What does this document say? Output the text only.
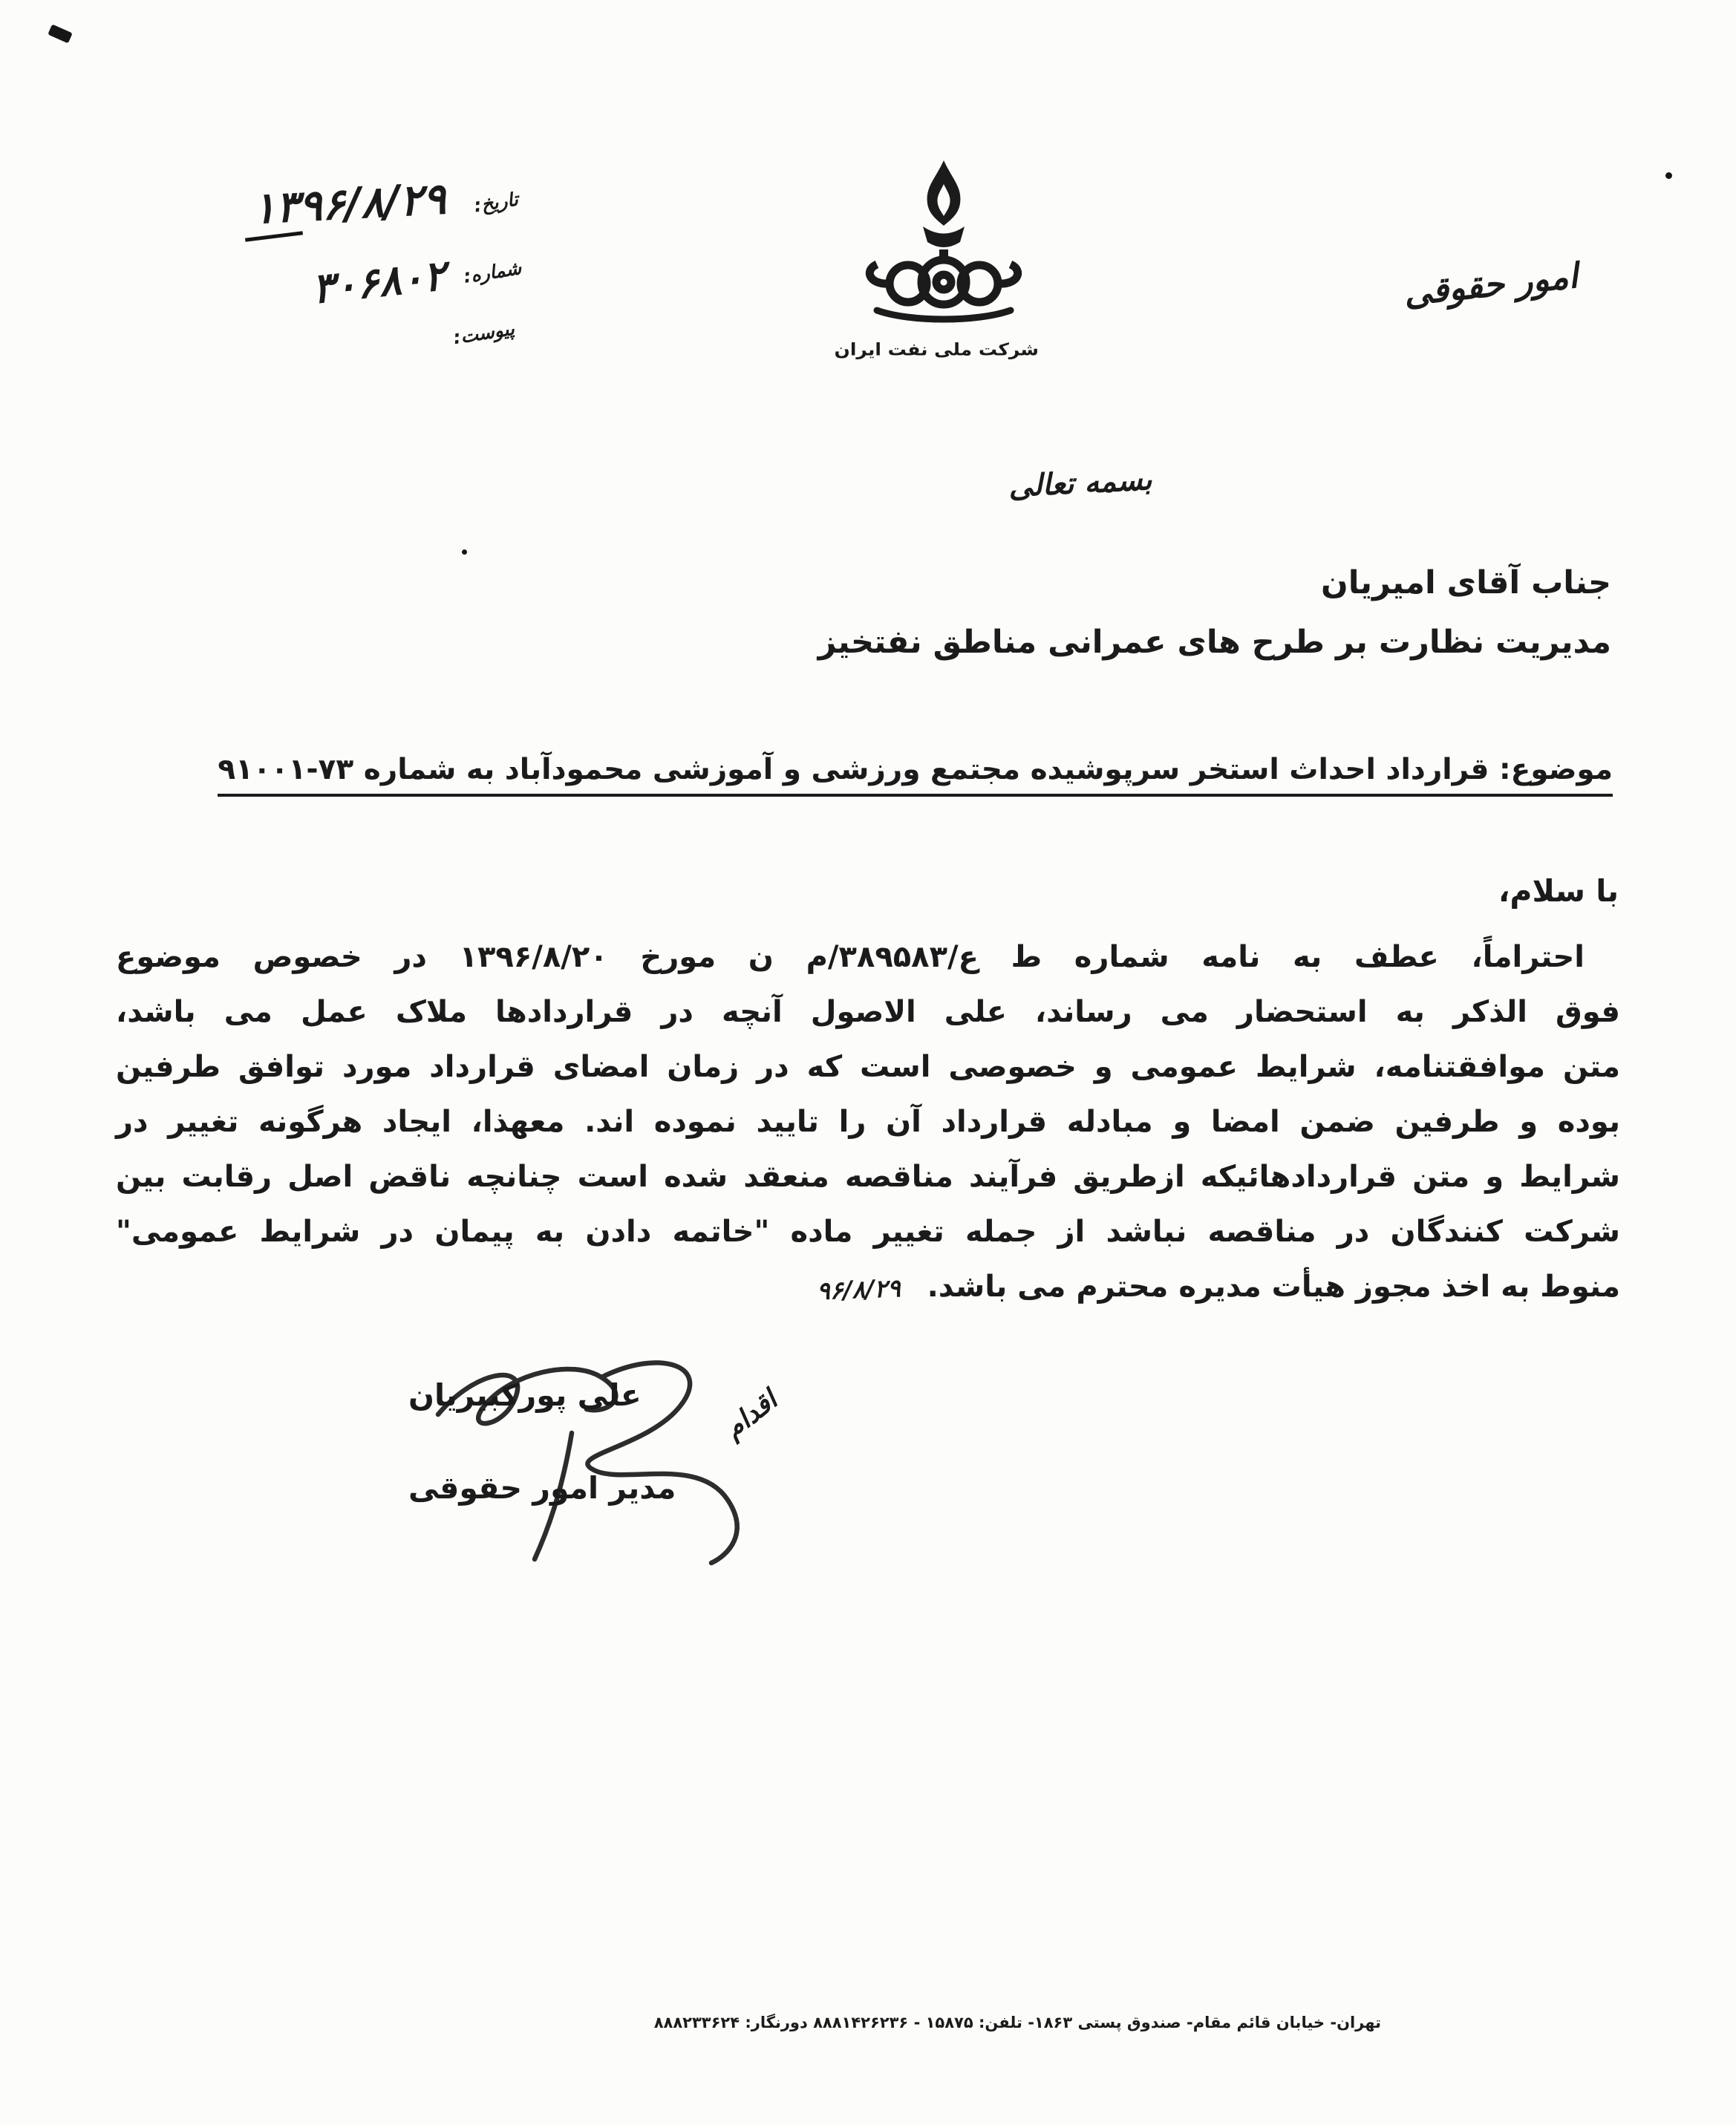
۱۳۹۶/۸/۲۹
۳۰۶۸۰۲
تاریخ:
شماره:
پیوست:
شرکت ملی نفت ایران
امور حقوقی
بسمه تعالی
جناب آقای امیریان
مدیریت نظارت بر طرح های عمرانی مناطق نفتخیز
موضوع: قرارداد احداث استخر سرپوشیده مجتمع ورزشی و آموزشی محمودآباد به شماره ۷۳-۹۱۰۰۱
با سلام،
احتراماً، عطف به نامه شماره ط ع/۳۸۹۵۸۳/م ن مورخ ۱۳۹۶/۸/۲۰ در خصوص موضوع
فوق الذکر به استحضار می رساند، علی الاصول آنچه در قراردادها ملاک عمل می باشد،
متن موافقتنامه، شرایط عمومی و خصوصی است که در زمان امضای قرارداد مورد توافق طرفین
بوده و طرفین ضمن امضا و مبادله قرارداد آن را تایید نموده اند. معهذا، ایجاد هرگونه تغییر در
شرایط و متن قراردادهائیکه ازطریق فرآیند مناقصه منعقد شده است چنانچه ناقض اصل رقابت بین
شرکت کنندگان در مناقصه نباشد از جمله تغییر ماده "خاتمه دادن به پیمان در شرایط عمومی"
منوط به اخذ مجوز هیأت مدیره محترم می باشد. ۹۶/۸/۲۹
علی پورکبیریان
مدیر امور حقوقی
اقدام
تهران- خیابان قائم مقام- صندوق پستی ۱۸۶۳- تلفن: ۱۵۸۷۵ - ۸۸۸۱۴۲۶۲۳۶ دورنگار: ۸۸۸۲۳۳۶۲۴
